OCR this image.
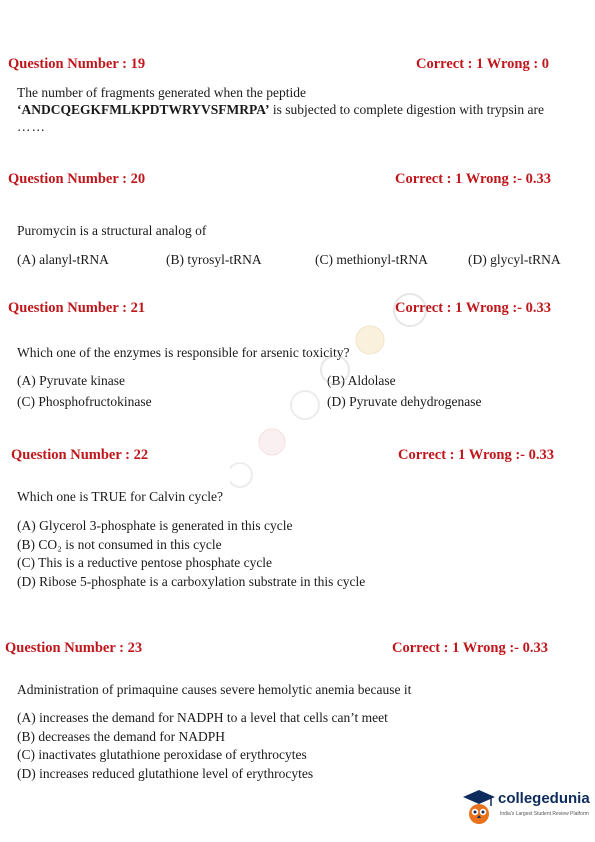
Question Number : 19	Correct : 1 Wrong : 0
The number of fragments generated when the peptide
‘ANDCQEGKFMLKPDTWRYVSFMRPA’ is subjected to complete digestion with trypsin are
……
Question Number : 20	Correct : 1 Wrong :- 0.33
Puromycin is a structural analog of
(A) alanyl-tRNA	(B) tyrosyl-tRNA	(C) methionyl-tRNA	(D) glycyl-tRNA
Question Number : 21	Correct : 1 Wrong :- 0.33
Which one of the enzymes is responsible for arsenic toxicity?
(A) Pyruvate kinase	(B) Aldolase
(C) Phosphofructokinase	(D) Pyruvate dehydrogenase
Question Number : 22	Correct : 1 Wrong :- 0.33
Which one is TRUE for Calvin cycle?
(A) Glycerol 3-phosphate is generated in this cycle
(B) CO₂ is not consumed in this cycle
(C) This is a reductive pentose phosphate cycle
(D) Ribose 5-phosphate is a carboxylation substrate in this cycle
Question Number : 23	Correct : 1 Wrong :- 0.33
Administration of primaquine causes severe hemolytic anemia because it
(A) increases the demand for NADPH to a level that cells can’t meet
(B) decreases the demand for NADPH
(C) inactivates glutathione peroxidase of erythrocytes
(D) increases reduced glutathione level of erythrocytes
collegedunia
India's Largest Student Review Platform
